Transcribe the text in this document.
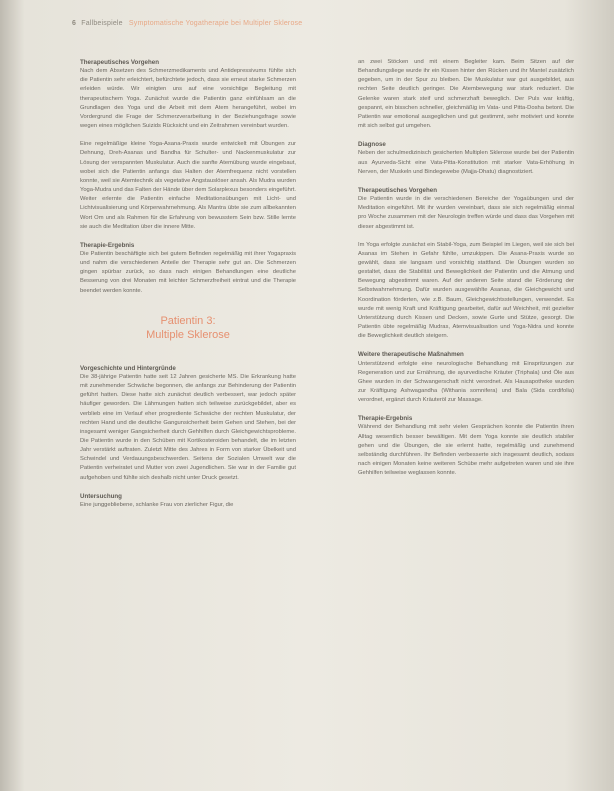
6 Fallbeispiele Symptomatische Yogatherapie bei Multipler Sklerose
Therapeutisches Vorgehen

Nach dem Absetzen des Schmerzmedikaments und Antidepressivums fühlte sich die Patientin sehr erleichtert, befürchtete jedoch, dass sie erneut starke Schmerzen erleiden würde. Wir einigten uns auf eine vorsichtige Begleitung mit therapeutischem Yoga. Zunächst wurde die Patientin ganz einfühlsam an die Grundlagen des Yoga und die Arbeit mit dem Atem herangeführt, wobei im Vordergrund die Frage der Schmerzverarbeitung in der Beziehungsfrage sowie wegen eines möglichen Suizids Rücksicht und ein Zeitrahmen vereinbart wurden.

Eine regelmäßige kleine Yoga-Asana-Praxis wurde entwickelt mit Übungen zur Dehnung, Dreh-Asanas und Bandha für Schulter- und Nackenmuskulatur zur Lösung der verspannten Muskulatur. Auch die sanfte Atemübung wurde eingebaut, wobei sich die Patientin anfangs das Halten der Atemfrequenz nicht vorstellen konnte, weil sie Atemtechnik als vegetative Angstauslöser ansah. Als Mudra wurden Yoga-Mudra und das Falten der Hände über dem Solarplexus besonders eingeführt. Weiter erlernte die Patientin einfache Meditationsübungen mit Licht- und Lichtvisualisierung und Körperwahrnehmung. Als Mantra übte sie zum allbekannten Wort Om und als Rahmen für die Erfahrung von bewusstem Sein bzw. Stille lernte sie auch die Meditation über die innere Mitte.

Therapie-Ergebnis

Die Patientin beschäftigte sich bei gutem Befinden regelmäßig mit ihrer Yogapraxis und nahm die verschiedenen Anteile der Therapie sehr gut an. Die Schmerzen gingen spürbar zurück, so dass nach einigen Behandlungen eine deutliche Besserung von drei Monaten mit leichter Schmerzfreiheit eintrat und die Therapie beendet werden konnte.

Patientin 3:
Multiple Sklerose
Vorgeschichte und Hintergründe

Die 38-jährige Patientin hatte seit 12 Jahren gesicherte MS. Die Erkrankung hatte mit zunehmender Schwäche begonnen, die anfangs zur Behinderung der Patientin geführt hatten. Diese hatte sich zunächst deutlich verbessert, war jedoch später häufiger geworden. Die Lähmungen hatten sich teilweise zurückgebildet, aber es verblieb eine im Verlauf eher progrediente Schwäche der rechten Muskulatur, der rechten Hand und die deutliche Gangunsicherheit beim Gehen und Stehen, bei der insgesamt weniger Gangsicherheit durch Gehhilfen durch Gleichgewichtsprobleme. Die Patientin wurde in den Schüben mit Kortikosteroiden behandelt, die im letzten Jahr verstärkt auftraten. Zuletzt Mitte des Jahres in Form von starker Übelkeit und Schwindel und Verdauungsbeschwerden. Seitens der Sozialen Umwelt war die Patientin verheiratet und Mutter von zwei Jugendlichen. Sie war in der Familie gut aufgehoben und fühlte sich deshalb nicht unter Druck gesetzt.

Untersuchung

Eine junggebliebene, schlanke Frau von zierlicher Figur, die

an zwei Stöcken und mit einem Begleiter kam. Beim Sitzen auf der Behandlungsliege wurde ihr ein Kissen hinter den Rücken und ihr Mantel zusätzlich gegeben, um in der Spur zu bleiben. Die Muskulatur war gut ausgebildet, aus rechten Seite deutlich geringer. Die Atembewegung war stark reduziert. Die Gelenke waren stark steif und schmerzhaft beweglich. Der Puls war kräftig, gespannt, ein bisschen schneller, gleichmäßig im Vata- und Pitta-Dosha betont. Die Patientin war emotional ausgeglichen und gut gestimmt, sehr motiviert und konnte mit sich selbst gut umgehen.

Diagnose

Neben der schulmedizinisch gesicherten Multiplen Sklerose wurde bei der Patientin aus Ayurveda-Sicht eine Vata-Pitta-Konstitution mit starker Vata-Erhöhung in Nerven, der Muskeln und Bindegewebe (Majja-Dhatu) diagnostiziert.

Therapeutisches Vorgehen

Die Patientin wurde in die verschiedenen Bereiche der Yogaübungen und der Meditation eingeführt. Mit ihr wurden vereinbart, dass sie sich regelmäßig einmal pro Woche zusammen mit der Neurologin treffen würde und dass das Vorgehen mit dieser abgestimmt ist.

Im Yoga erfolgte zunächst ein Stabil-Yoga, zum Beispiel im Liegen, weil sie sich bei Asanas im Stehen in Gefahr fühlte, umzukippen. Die Asana-Praxis wurde so gewählt, dass sie langsam und vorsichtig stattfand. Die Übungen wurden so gestaltet, dass die Stabilität und Beweglichkeit der Patientin und die Atmung und Bewegung abgestimmt waren. Auf der anderen Seite stand die Förderung der Selbstwahrnehmung. Dafür wurden ausgewählte Asanas, die Gleichgewicht und Koordination förderten, wie z.B. Baum, Gleichgewichtsstellungen, verwendet. Es wurde mit wenig Kraft und Kräftigung gearbeitet, dafür auf Weichheit, mit gezielter Unterstützung durch Kissen und Decken, sowie Gurte und Stütze, gesorgt. Die Patientin übte regelmäßig Mudras, Atemvisualisation und Yoga-Nidra und konnte die Beweglichkeit deutlich steigern.

Weitere therapeutische Maßnahmen

Unterstützend erfolgte eine neurologische Behandlung mit Einspritzungen zur Regeneration und zur Ernährung, die ayurvedische Kräuter (Triphala) und Öle aus Ghee wurden in der Schwangerschaft nicht verordnet. Als Hausapotheke wurden zur Kräftigung Ashwagandha (Withania somnifera) und Bala (Sida cordifolia) verordnet, ergänzt durch Kräuteröl zur Massage.

Therapie-Ergebnis

Während der Behandlung mit sehr vielen Gesprächen konnte die Patientin ihren Alltag wesentlich besser bewältigen. Mit dem Yoga konnte sie deutlich stabiler gehen und die Übungen, die sie erlernt hatte, regelmäßig und zunehmend selbständig durchführen. Ihr Befinden verbesserte sich insgesamt deutlich, sodass nach einigen Monaten keine weiteren Schübe mehr aufgetreten waren und sie ihre Gehhilfen teilweise weglassen konnte.
